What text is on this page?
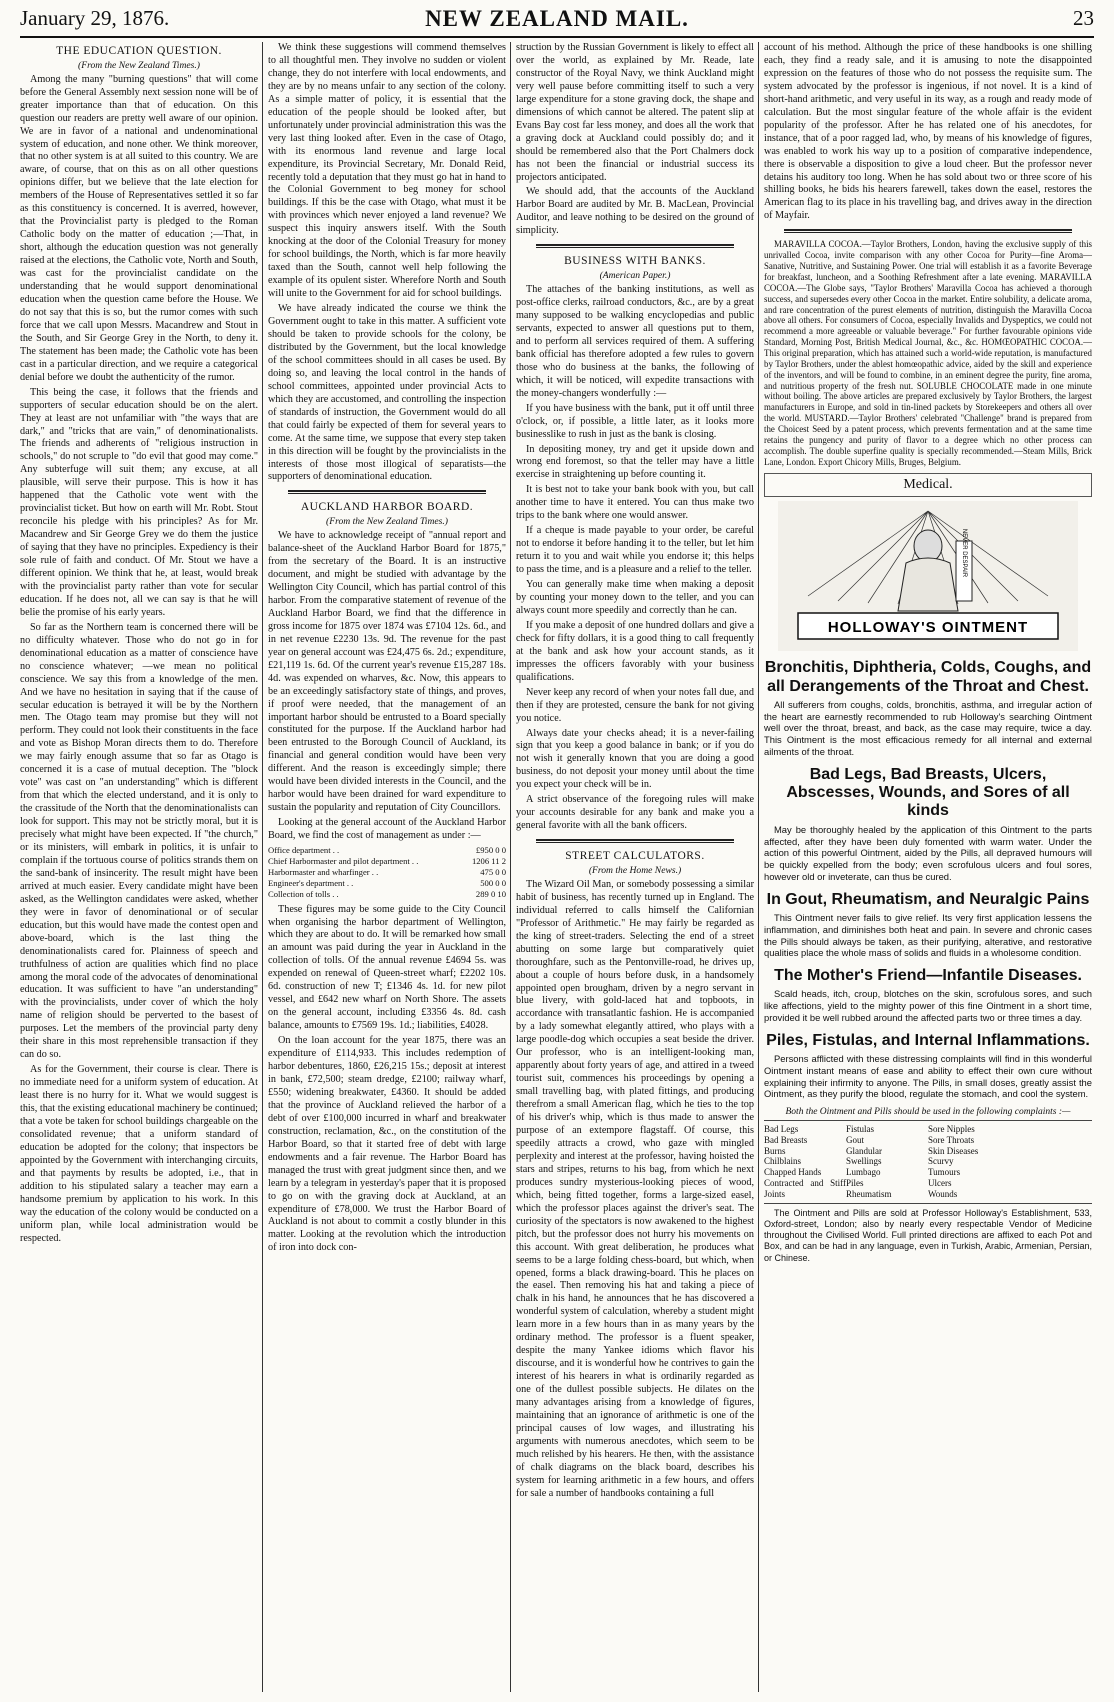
January 29, 1876.	NEW ZEALAND MAIL.	23
THE EDUCATION QUESTION.
(From the New Zealand Times.)

Among the many "burning questions" that will come before the General Assembly next session none will be of greater importance than that of education. On this question our readers are pretty well aware of our opinion. We are in favor of a national and undenominational system of education, and none other. We think moreover, that no other system is at all suited to this country. We are aware, of course, that on this as on all other questions opinions differ, but we believe that the late election for members of the House of Representatives settled it so far as this constituency is concerned. It is averred, however, that the Provincialist party is pledged to the Roman Catholic body on the matter of education ;—That, in short, although the education question was not generally raised at the elections, the Catholic vote, North and South, was cast for the provincialist candidate on the understanding that he would support denominational education when the question came before the House. We do not say that this is so, but the rumor comes with such force that we call upon Messrs. Macandrew and Stout in the South, and Sir George Grey in the North, to deny it. The statement has been made; the Catholic vote has been cast in a particular direction, and we require a categorical denial before we doubt the authenticity of the rumor.

This being the case, it follows that the friends and supporters of secular education should be on the alert. They at least are not unfamiliar with "the ways that are dark," and "tricks that are vain," of denominationalists. The friends and adherents of "religious instruction in schools," do not scruple to "do evil that good may come." Any subterfuge will suit them; any excuse, at all plausible, will serve their purpose. This is how it has happened that the Catholic vote went with the provincialist ticket. But how on earth will Mr. Robt. Stout reconcile his pledge with his principles? As for Mr. Macandrew and Sir George Grey we do them the justice of saying that they have no principles. Expediency is their sole rule of faith and conduct. Of Mr. Stout we have a different opinion. We think that he, at least, would break with the provincialist party rather than vote for secular education. If he does not, all we can say is that he will belie the promise of his early years.

So far as the Northern team is concerned there will be no difficulty whatever. Those who do not go in for denominational education as a matter of conscience have no conscience whatever; —we mean no political conscience. We say this from a knowledge of the men. And we have no hesitation in saying that if the cause of secular education is betrayed it will be by the Northern men. The Otago team may promise but they will not perform. They could not look their constituents in the face and vote as Bishop Moran directs them to do. Therefore we may fairly enough assume that so far as Otago is concerned it is a case of mutual deception. The "block vote" was cast on "an understanding" which is different from that which the elected understand, and it is only to the crassitude of the North that the denominationalists can look for support. This may not be strictly moral, but it is precisely what might have been expected. If "the church," or its ministers, will embark in politics, it is unfair to complain if the tortuous course of politics strands them on the sand-bank of insincerity. The result might have been arrived at much easier. Every candidate might have been asked, as the Wellington candidates were asked, whether they were in favor of denominational or of secular education, but this would have made the contest open and above-board, which is the last thing the denominationalists cared for. Plainness of speech and truthfulness of action are qualities which find no place among the moral code of the advocates of denominational education. It was sufficient to have "an understanding" with the provincialists, under cover of which the holy name of religion should be perverted to the basest of purposes. Let the members of the provincial party deny their share in this most reprehensible transaction if they can do so.

As for the Government, their course is clear. There is no immediate need for a uniform system of education. At least there is no hurry for it. What we would suggest is this, that the existing educational machinery be continued; that a vote be taken for school buildings chargeable on the consolidated revenue; that a uniform standard of education be adopted for the colony; that inspectors be appointed by the Government with interchanging circuits, and that payments by results be adopted, i.e., that in addition to his stipulated salary a teacher may earn a handsome premium by application to his work. In this way the education of the colony would be conducted on a uniform plan, while local administration would be respected.

We think these suggestions will commend themselves to all thoughtful men. They involve no sudden or violent change, they do not interfere with local endowments, and they are by no means unfair to any section of the colony. As a simple matter of policy, it is essential that the education of the people should be looked after, but unfortunately under provincial administration this was the very last thing looked after. Even in the case of Otago, with its enormous land revenue and large local expenditure, its Provincial Secretary, Mr. Donald Reid, recently told a deputation that they must go hat in hand to the Colonial Government to beg money for school buildings. If this be the case with Otago, what must it be with provinces which never enjoyed a land revenue? We suspect this inquiry answers itself. With the South knocking at the door of the Colonial Treasury for money for school buildings, the North, which is far more heavily taxed than the South, cannot well help following the example of its opulent sister. Wherefore North and South will unite to the Government for aid for school buildings.

We have already indicated the course we think the Government ought to take in this matter. A sufficient vote should be taken to provide schools for the colony, be distributed by the Government, but the local knowledge of the school committees should in all cases be used. By doing so, and leaving the local control in the hands of school committees, appointed under provincial Acts to which they are accustomed, and controlling the inspection of standards of instruction, the Government would do all that could fairly be expected of them for several years to come. At the same time, we suppose that every step taken in this direction will be fought by the provincialists in the interests of those most illogical of separatists—the supporters of denominational education.

AUCKLAND HARBOR BOARD.
(From the New Zealand Times.)

We have to acknowledge receipt of "annual report and balance-sheet of the Auckland Harbor Board for 1875," from the secretary of the Board. It is an instructive document, and might be studied with advantage by the Wellington City Council, which has partial control of this harbor. From the comparative statement of revenue of the Auckland Harbor Board, we find that the difference in gross income for 1875 over 1874 was £7104 12s. 6d., and in net revenue £2230 13s. 9d. The revenue for the past year on general account was £24,475 6s. 2d.; expenditure, £21,119 1s. 6d. Of the current year's revenue £15,287 18s. 4d. was expended on wharves, &c. Now, this appears to be an exceedingly satisfactory state of things, and proves, if proof were needed, that the management of an important harbor should be entrusted to a Board specially constituted for the purpose. If the Auckland harbor had been entrusted to the Borough Council of Auckland, its financial and general condition would have been very different. And the reason is exceedingly simple; there would have been divided interests in the Council, and the harbor would have been drained for ward expenditure to sustain the popularity and reputation of City Councillors.

Looking at the general account of the Auckland Harbor Board, we find the cost of management as under :—

Office department . .	£950 0 0
Chief Harbormaster and pilot department . .	1206 11 2
Harbormaster and wharfinger . .	475 0 0
Engineer's department . .	500 0 0
Collection of tolls . .	289 0 10

These figures may be some guide to the City Council when organising the harbor department of Wellington, which they are about to do. It will be remarked how small an amount was paid during the year in Auckland in the collection of tolls. Of the annual revenue £4694 5s. was expended on renewal of Queen-street wharf; £2202 10s. 6d. construction of new T; £1346 4s. 1d. for new pilot vessel, and £642 new wharf on North Shore. The assets on the general account, including £3356 4s. 8d. cash balance, amounts to £7569 19s. 1d.; liabilities, £4028.

On the loan account for the year 1875, there was an expenditure of £114,933. This includes redemption of harbor debentures, 1860, £26,215 15s.; deposit at interest in bank, £72,500; steam dredge, £2100; railway wharf, £550; widening breakwater, £4360. It should be added that the province of Auckland relieved the harbor of a debt of over £100,000 incurred in wharf and breakwater construction, reclamation, &c., on the constitution of the Harbor Board, so that it started free of debt with large endowments and a fair revenue. The Harbor Board has managed the trust with great judgment since then, and we learn by a telegram in yesterday's paper that it is proposed to go on with the graving dock at Auckland, at an expenditure of £78,000. We trust the Harbor Board of Auckland is not about to commit a costly blunder in this matter. Looking at the revolution which the introduction of iron into dock con-

struction by the Russian Government is likely to effect all over the world, as explained by Mr. Reade, late constructor of the Royal Navy, we think Auckland might very well pause before committing itself to such a very large expenditure for a stone graving dock, the shape and dimensions of which cannot be altered. The patent slip at Evans Bay cost far less money, and does all the work that a graving dock at Auckland could possibly do; and it should be remembered also that the Port Chalmers dock has not been the financial or industrial success its projectors anticipated.

We should add, that the accounts of the Auckland Harbor Board are audited by Mr. B. MacLean, Provincial Auditor, and leave nothing to be desired on the ground of simplicity.

BUSINESS WITH BANKS.
(American Paper.)

The attaches of the banking institutions, as well as post-office clerks, railroad conductors, &c., are by a great many supposed to be walking encyclopedias and public servants, expected to answer all questions put to them, and to perform all services required of them. A suffering bank official has therefore adopted a few rules to govern those who do business at the banks, the following of which, it will be noticed, will expedite transactions with the money-changers wonderfully :—

If you have business with the bank, put it off until three o'clock, or, if possible, a little later, as it looks more businesslike to rush in just as the bank is closing.

In depositing money, try and get it upside down and wrong end foremost, so that the teller may have a little exercise in straightening up before counting it.

It is best not to take your bank book with you, but call another time to have it entered. You can thus make two trips to the bank where one would answer.

If a cheque is made payable to your order, be careful not to endorse it before handing it to the teller, but let him return it to you and wait while you endorse it; this helps to pass the time, and is a pleasure and a relief to the teller.

You can generally make time when making a deposit by counting your money down to the teller, and you can always count more speedily and correctly than he can.

If you make a deposit of one hundred dollars and give a check for fifty dollars, it is a good thing to call frequently at the bank and ask how your account stands, as it impresses the officers favorably with your business qualifications.

Never keep any record of when your notes fall due, and then if they are protested, censure the bank for not giving you notice.

Always date your checks ahead; it is a never-failing sign that you keep a good balance in bank; or if you do not wish it generally known that you are doing a good business, do not deposit your money until about the time you expect your check will be in.

A strict observance of the foregoing rules will make your accounts desirable for any bank and make you a general favorite with all the bank officers.

STREET CALCULATORS.
(From the Home News.)

The Wizard Oil Man, or somebody possessing a similar habit of business, has recently turned up in England. The individual referred to calls himself the Californian "Professor of Arithmetic." He may fairly be regarded as the king of street-traders. Selecting the end of a street abutting on some large but comparatively quiet thoroughfare, such as the Pentonville-road, he drives up, about a couple of hours before dusk, in a handsomely appointed open brougham, driven by a negro servant in blue livery, with gold-laced hat and topboots, in accordance with transatlantic fashion. He is accompanied by a lady somewhat elegantly attired, who plays with a large poodle-dog which occupies a seat beside the driver. Our professor, who is an intelligent-looking man, apparently about forty years of age, and attired in a tweed tourist suit, commences his proceedings by opening a small travelling bag, with plated fittings, and producing therefrom a small American flag, which he ties to the top of his driver's whip, which is thus made to answer the purpose of an extempore flagstaff. Of course, this speedily attracts a crowd, who gaze with mingled perplexity and interest at the professor, having hoisted the stars and stripes, returns to his bag, from which he next produces sundry mysterious-looking pieces of wood, which, being fitted together, forms a large-sized easel, which the professor places against the driver's seat. The curiosity of the spectators is now awakened to the highest pitch, but the professor does not hurry his movements on this account. With great deliberation, he produces what seems to be a large folding chess-board, but which, when opened, forms a black drawing-board. This he places on the easel. Then removing his hat and taking a piece of chalk in his hand, he announces that he has discovered a wonderful system of calculation, whereby a student might learn more in a few hours than in as many years by the ordinary method. The professor is a fluent speaker, despite the many Yankee idioms which flavor his discourse, and it is wonderful how he contrives to gain the interest of his hearers in what is ordinarily regarded as one of the dullest possible subjects. He dilates on the many advantages arising from a knowledge of figures, maintaining that an ignorance of arithmetic is one of the principal causes of low wages, and illustrating his arguments with numerous anecdotes, which seem to be much relished by his hearers. He then, with the assistance of chalk diagrams on the black board, describes his system for learning arithmetic in a few hours, and offers for sale a number of handbooks containing a full

account of his method. Although the price of these handbooks is one shilling each, they find a ready sale, and it is amusing to note the disappointed expression on the features of those who do not possess the requisite sum. The system advocated by the professor is ingenious, if not novel. It is a kind of short-hand arithmetic, and very useful in its way, as a rough and ready mode of calculation. But the most singular feature of the whole affair is the evident popularity of the professor. After he has related one of his anecdotes, for instance, that of a poor ragged lad, who, by means of his knowledge of figures, was enabled to work his way up to a position of comparative independence, there is observable a disposition to give a loud cheer. But the professor never detains his auditory too long. When he has sold about two or three score of his shilling books, he bids his hearers farewell, takes down the easel, restores the American flag to its place in his travelling bag, and drives away in the direction of Mayfair.

MARAVILLA COCOA.—Taylor Brothers, London, having the exclusive supply of this unrivalled Cocoa, invite comparison with any other Cocoa for Purity—fine Aroma—Sanative, Nutritive, and Sustaining Power. One trial will establish it as a favorite Beverage for breakfast, luncheon, and a Soothing Refreshment after a late evening. MARAVILLA COCOA.—The Globe says, "Taylor Brothers' Maravilla Cocoa has achieved a thorough success, and supersedes every other Cocoa in the market. Entire solubility, a delicate aroma, and rare concentration of the purest elements of nutrition, distinguish the Maravilla Cocoa above all others. For consumers of Cocoa, especially Invalids and Dyspeptics, we could not recommend a more agreeable or valuable beverage." For further favourable opinions vide Standard, Morning Post, British Medical Journal, &c., &c. HOMŒOPATHIC COCOA.—This original preparation, which has attained such a world-wide reputation, is manufactured by Taylor Brothers, under the ablest homœopathic advice, aided by the skill and experience of the inventors, and will be found to combine, in an eminent degree the purity, fine aroma, and nutritious property of the fresh nut. SOLUBLE CHOCOLATE made in one minute without boiling. The above articles are prepared exclusively by Taylor Brothers, the largest manufacturers in Europe, and sold in tin-lined packets by Storekeepers and others all over the world. MUSTARD.—Taylor Brothers' celebrated "Challenge" brand is prepared from the Choicest Seed by a patent process, which prevents fermentation and at the same time retains the pungency and purity of flavor to a degree which no other process can accomplish. The double superfine quality is specially recommended.—Steam Mills, Brick Lane, London. Export Chicory Mills, Bruges, Belgium.

Medical.
NEVER DESPAIR
HOLLOWAY'S OINTMENT
Bronchitis, Diphtheria, Colds, Coughs, and all Derangements of the Throat and Chest.

All sufferers from coughs, colds, bronchitis, asthma, and irregular action of the heart are earnestly recommended to rub Holloway's searching Ointment well over the throat, breast, and back, as the case may require, twice a day. This Ointment is the most efficacious remedy for all internal and external ailments of the throat.

Bad Legs, Bad Breasts, Ulcers, Abscesses, Wounds, and Sores of all kinds

May be thoroughly healed by the application of this Ointment to the parts affected, after they have been duly fomented with warm water. Under the action of this powerful Ointment, aided by the Pills, all depraved humours will be quickly expelled from the body; even scrofulous ulcers and foul sores, however old or inveterate, can thus be cured.

In Gout, Rheumatism, and Neuralgic Pains

This Ointment never fails to give relief. Its very first application lessens the inflammation, and diminishes both heat and pain. In severe and chronic cases the Pills should always be taken, as their purifying, alterative, and restorative qualities place the whole mass of solids and fluids in a wholesome condition.

The Mother's Friend—Infantile Diseases.

Scald heads, itch, croup, blotches on the skin, scrofulous sores, and such like affections, yield to the mighty power of this fine Ointment in a short time, provided it be well rubbed around the affected parts two or three times a day.

Piles, Fistulas, and Internal Inflammations.

Persons afflicted with these distressing complaints will find in this wonderful Ointment instant means of ease and ability to effect their own cure without explaining their infirmity to anyone. The Pills, in small doses, greatly assist the Ointment, as they purify the blood, regulate the stomach, and cool the system.

Both the Ointment and Pills should be used in the following complaints :—
Bad Legs
Bad Breasts
Burns
Chilblains
Chapped Hands
Contracted and Stiff Joints
Fistulas
Gout
Glandular
Swellings
Lumbago
Piles
Rheumatism
Sore Nipples
Sore Throats
Skin Diseases
Scurvy
Tumours
Ulcers
Wounds

The Ointment and Pills are sold at Professor Holloway's Establishment, 533, Oxford-street, London; also by nearly every respectable Vendor of Medicine throughout the Civilised World. Full printed directions are affixed to each Pot and Box, and can be had in any language, even in Turkish, Arabic, Armenian, Persian, or Chinese.
